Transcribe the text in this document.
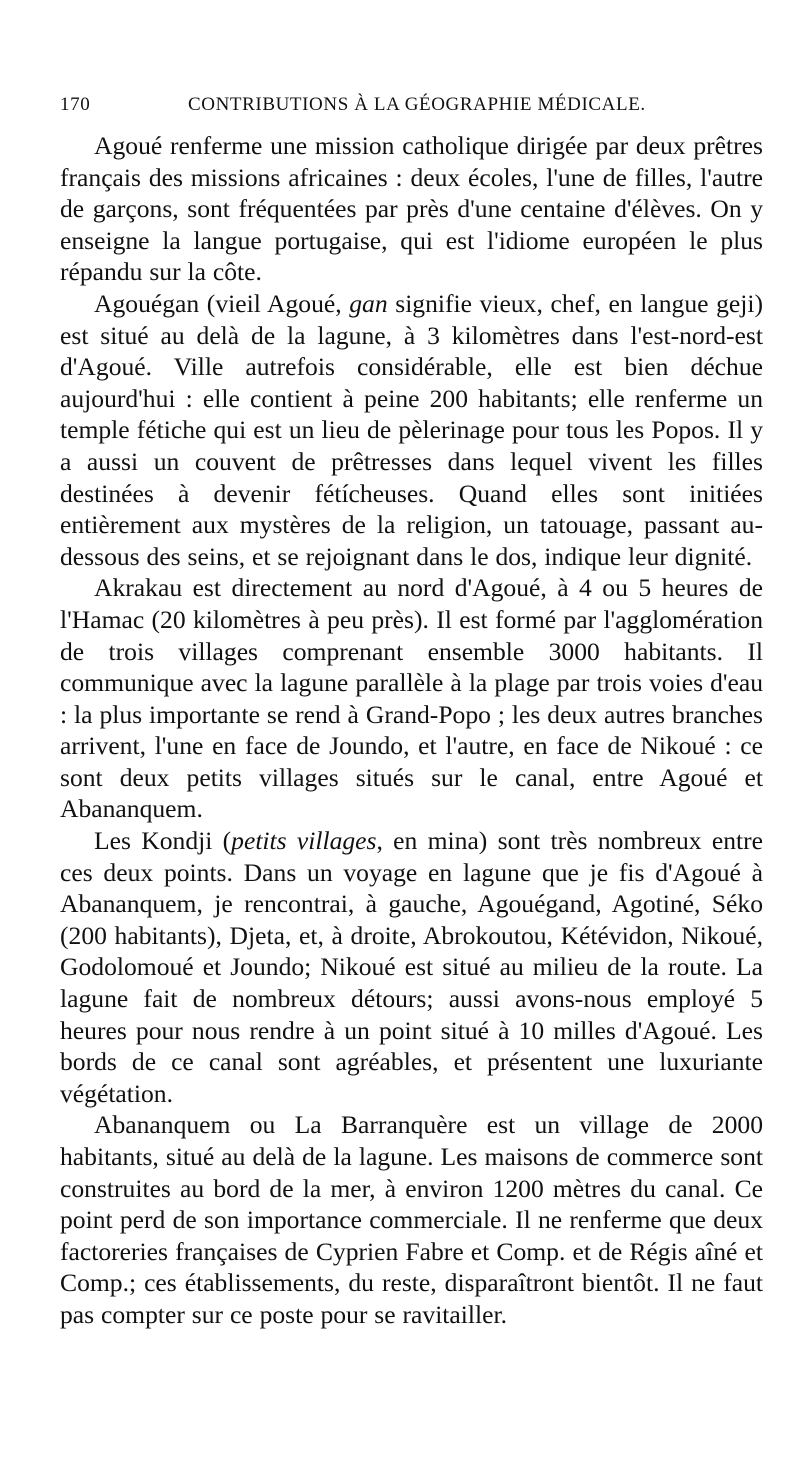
170	CONTRIBUTIONS À LA GÉOGRAPHIE MÉDICALE.

Agoué renferme une mission catholique dirigée par deux prêtres français des missions africaines : deux écoles, l'une de filles, l'autre de garçons, sont fréquentées par près d'une centaine d'élèves. On y enseigne la langue portugaise, qui est l'idiome européen le plus répandu sur la côte.

Agouégan (vieil Agoué, gan signifie vieux, chef, en langue geji) est situé au delà de la lagune, à 3 kilomètres dans l'est-nord-est d'Agoué. Ville autrefois considérable, elle est bien déchue aujourd'hui : elle contient à peine 200 habitants; elle renferme un temple fétiche qui est un lieu de pèlerinage pour tous les Popos. Il y a aussi un couvent de prêtresses dans lequel vivent les filles destinées à devenir fétícheuses. Quand elles sont initiées entièrement aux mystères de la religion, un tatouage, passant au-dessous des seins, et se rejoignant dans le dos, indique leur dignité.

Akrakau est directement au nord d'Agoué, à 4 ou 5 heures de l'Hamac (20 kilomètres à peu près). Il est formé par l'agglomération de trois villages comprenant ensemble 3000 habitants. Il communique avec la lagune parallèle à la plage par trois voies d'eau : la plus importante se rend à Grand-Popo ; les deux autres branches arrivent, l'une en face de Joundo, et l'autre, en face de Nikoué : ce sont deux petits villages situés sur le canal, entre Agoué et Abananquem.

Les Kondji (petits villages, en mina) sont très nombreux entre ces deux points. Dans un voyage en lagune que je fis d'Agoué à Abananquem, je rencontrai, à gauche, Agouégand, Agotiné, Séko (200 habitants), Djeta, et, à droite, Abrokoutou, Kétévidon, Nikoué, Godolomoué et Joundo; Nikoué est situé au milieu de la route. La lagune fait de nombreux détours; aussi avons-nous employé 5 heures pour nous rendre à un point situé à 10 milles d'Agoué. Les bords de ce canal sont agréables, et présentent une luxuriante végétation.

Abananquem ou La Barranquère est un village de 2000 habitants, situé au delà de la lagune. Les maisons de commerce sont construites au bord de la mer, à environ 1200 mètres du canal. Ce point perd de son importance commerciale. Il ne renferme que deux factoreries françaises de Cyprien Fabre et Comp. et de Régis aîné et Comp.; ces établissements, du reste, disparaîtront bientôt. Il ne faut pas compter sur ce poste pour se ravitailler.
